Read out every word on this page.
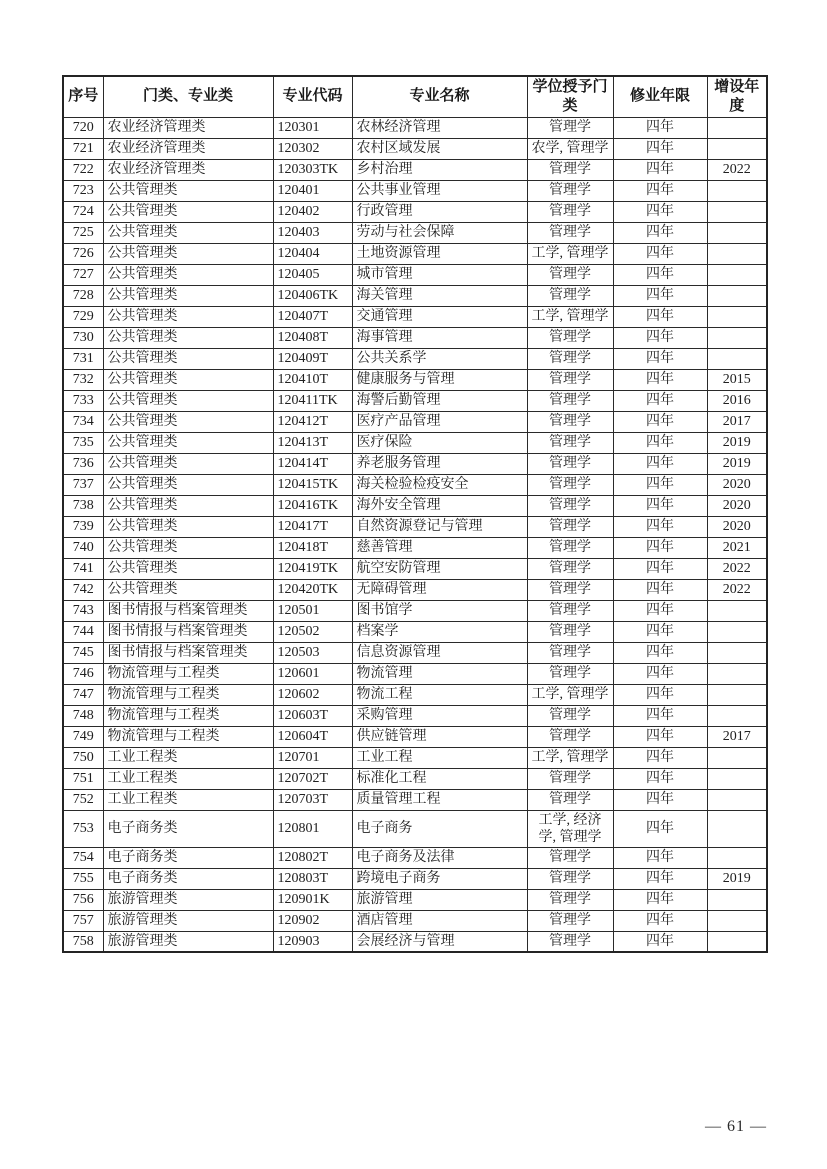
序号	门类、专业类	专业代码	专业名称	学位授予门类	修业年限	增设年度
720	农业经济管理类	120301	农林经济管理	管理学	四年	
721	农业经济管理类	120302	农村区域发展	农学, 管理学	四年	
722	农业经济管理类	120303TK	乡村治理	管理学	四年	2022
723	公共管理类	120401	公共事业管理	管理学	四年	
724	公共管理类	120402	行政管理	管理学	四年	
725	公共管理类	120403	劳动与社会保障	管理学	四年	
726	公共管理类	120404	土地资源管理	工学, 管理学	四年	
727	公共管理类	120405	城市管理	管理学	四年	
728	公共管理类	120406TK	海关管理	管理学	四年	
729	公共管理类	120407T	交通管理	工学, 管理学	四年	
730	公共管理类	120408T	海事管理	管理学	四年	
731	公共管理类	120409T	公共关系学	管理学	四年	
732	公共管理类	120410T	健康服务与管理	管理学	四年	2015
733	公共管理类	120411TK	海警后勤管理	管理学	四年	2016
734	公共管理类	120412T	医疗产品管理	管理学	四年	2017
735	公共管理类	120413T	医疗保险	管理学	四年	2019
736	公共管理类	120414T	养老服务管理	管理学	四年	2019
737	公共管理类	120415TK	海关检验检疫安全	管理学	四年	2020
738	公共管理类	120416TK	海外安全管理	管理学	四年	2020
739	公共管理类	120417T	自然资源登记与管理	管理学	四年	2020
740	公共管理类	120418T	慈善管理	管理学	四年	2021
741	公共管理类	120419TK	航空安防管理	管理学	四年	2022
742	公共管理类	120420TK	无障碍管理	管理学	四年	2022
743	图书情报与档案管理类	120501	图书馆学	管理学	四年	
744	图书情报与档案管理类	120502	档案学	管理学	四年	
745	图书情报与档案管理类	120503	信息资源管理	管理学	四年	
746	物流管理与工程类	120601	物流管理	管理学	四年	
747	物流管理与工程类	120602	物流工程	工学, 管理学	四年	
748	物流管理与工程类	120603T	采购管理	管理学	四年	
749	物流管理与工程类	120604T	供应链管理	管理学	四年	2017
750	工业工程类	120701	工业工程	工学, 管理学	四年	
751	工业工程类	120702T	标准化工程	管理学	四年	
752	工业工程类	120703T	质量管理工程	管理学	四年	
753	电子商务类	120801	电子商务	工学, 经济学, 管理学	四年	
754	电子商务类	120802T	电子商务及法律	管理学	四年	
755	电子商务类	120803T	跨境电子商务	管理学	四年	2019
756	旅游管理类	120901K	旅游管理	管理学	四年	
757	旅游管理类	120902	酒店管理	管理学	四年	
758	旅游管理类	120903	会展经济与管理	管理学	四年	
— 61 —
